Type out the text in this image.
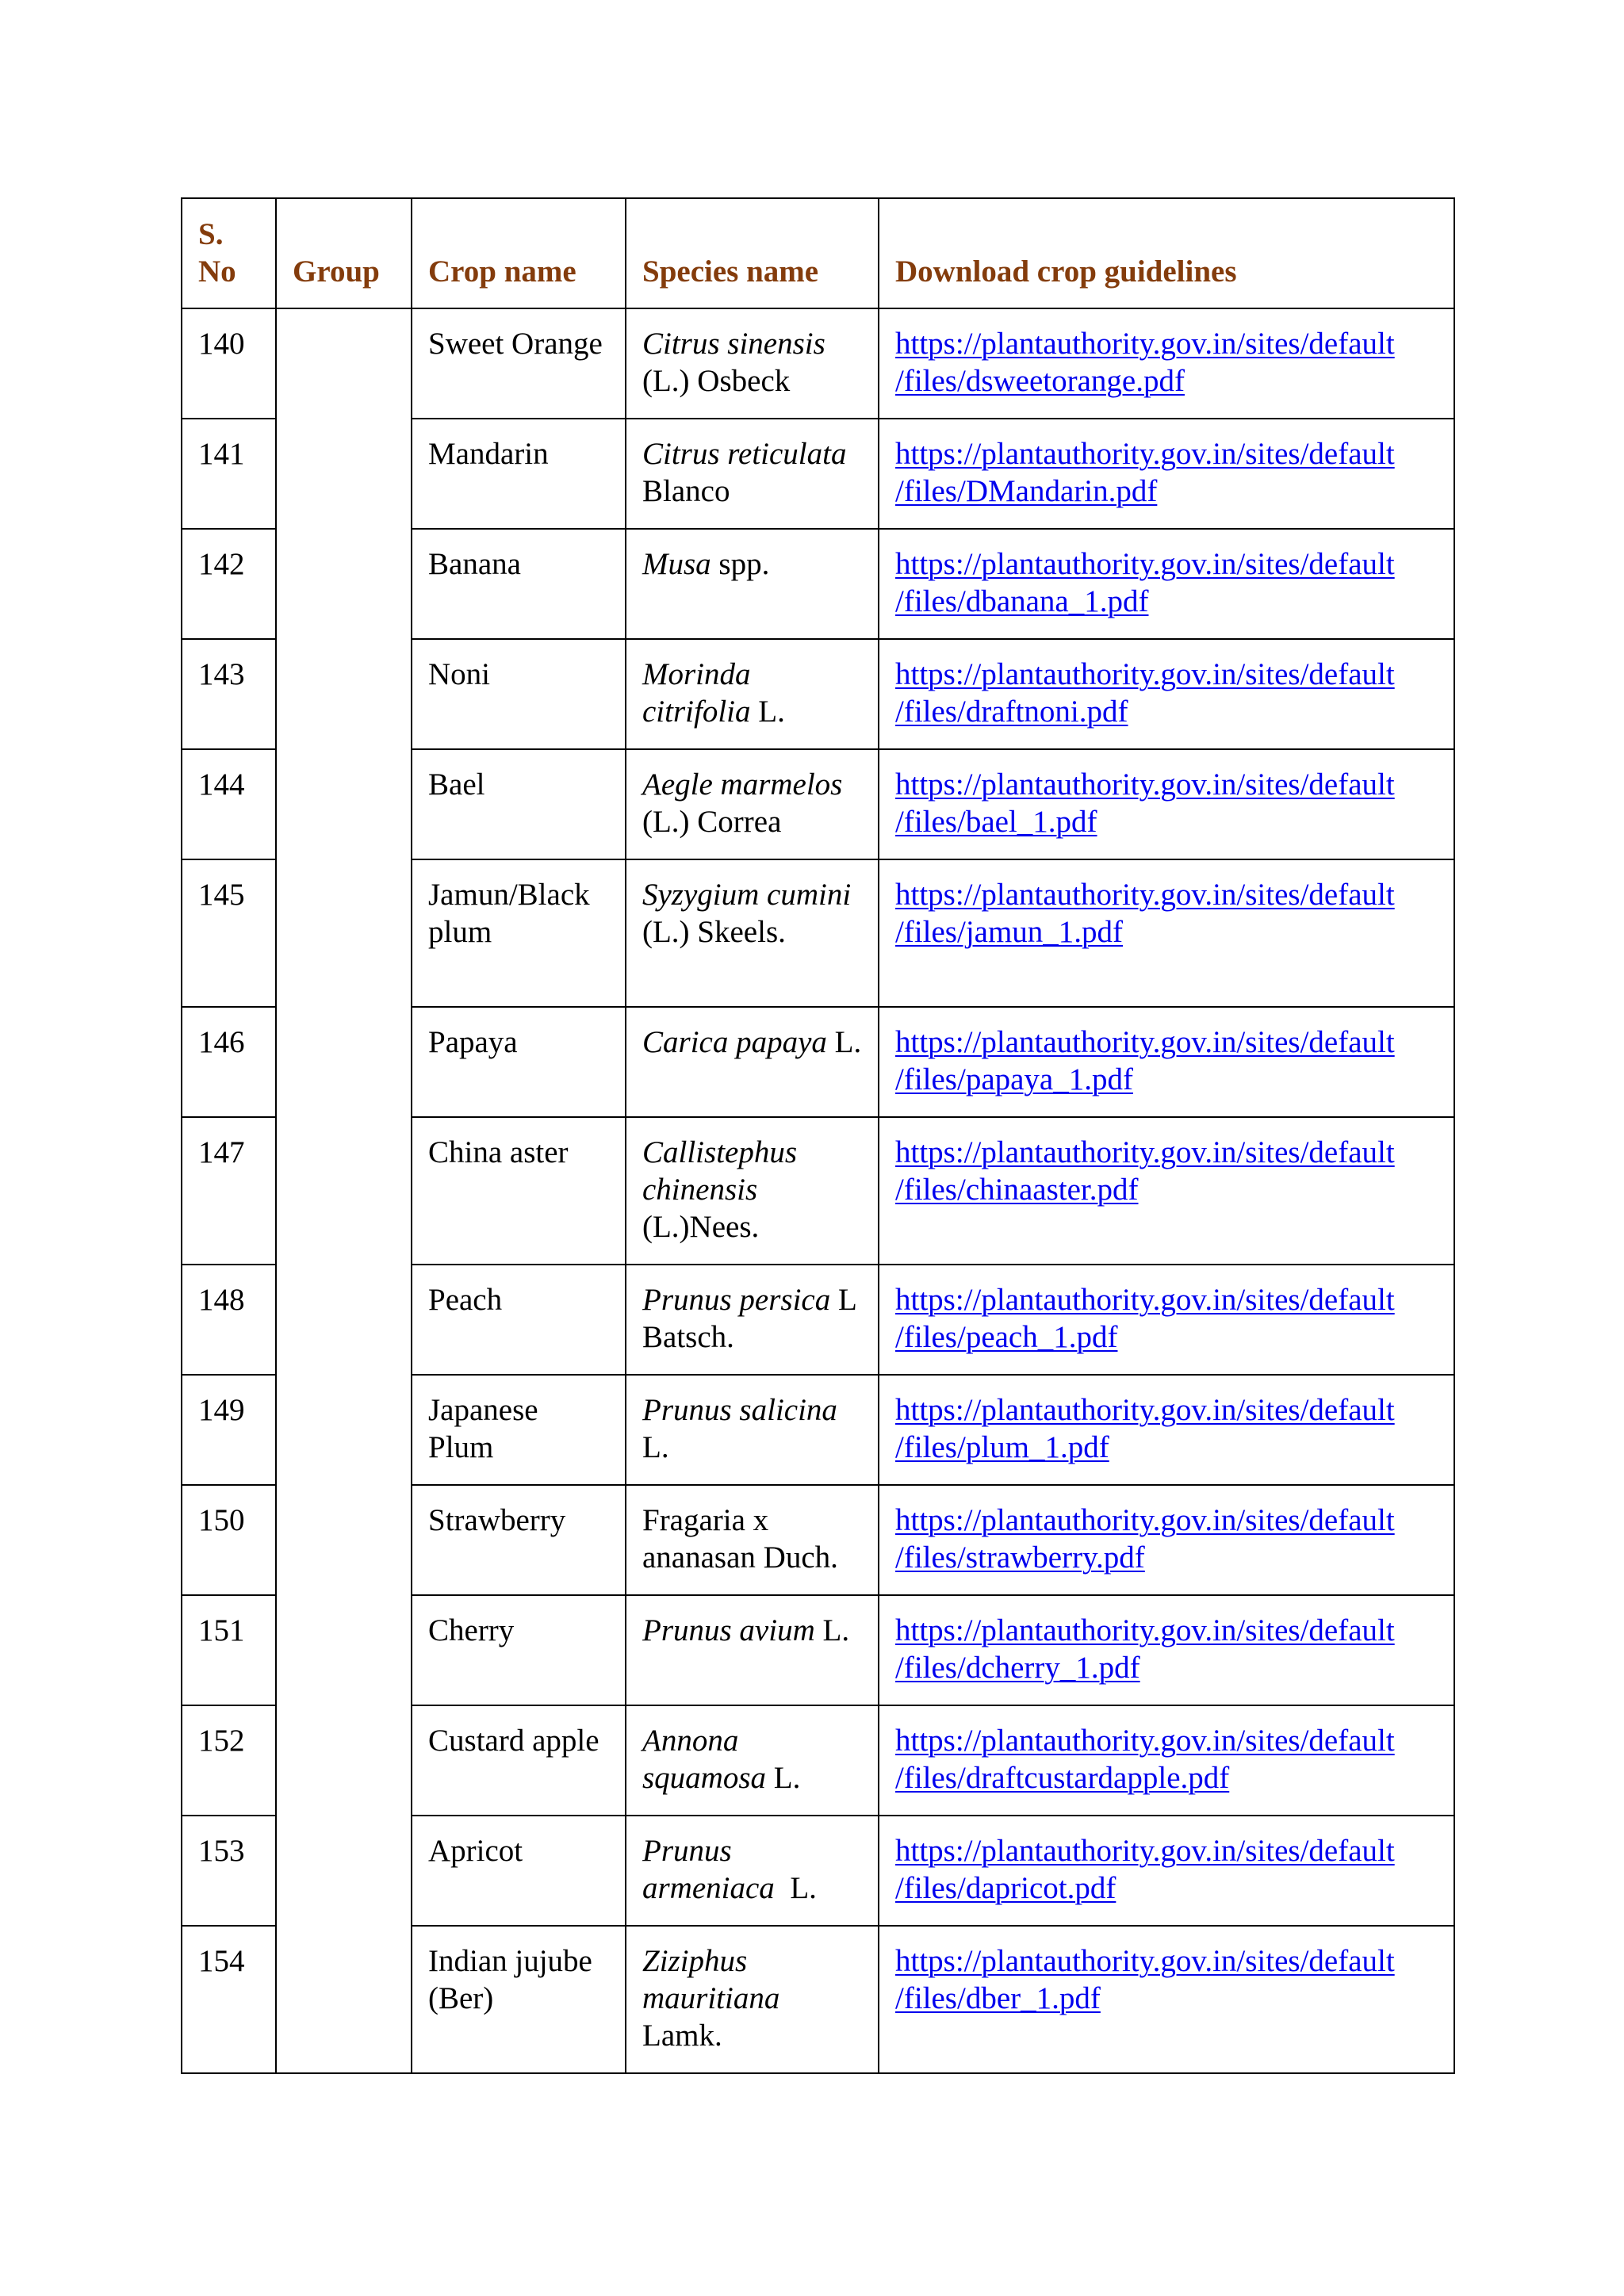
S. No	Group	Crop name	Species name	Download crop guidelines
140		Sweet Orange	Citrus sinensis (L.) Osbeck	https://plantauthority.gov.in/sites/default
/files/dsweetorange.pdf
141		Mandarin	Citrus reticulata Blanco	https://plantauthority.gov.in/sites/default
/files/DMandarin.pdf
142		Banana	Musa spp.	https://plantauthority.gov.in/sites/default
/files/dbanana_1.pdf
143		Noni	Morinda citrifolia L.	https://plantauthority.gov.in/sites/default
/files/draftnoni.pdf
144		Bael	Aegle marmelos (L.) Correa	https://plantauthority.gov.in/sites/default
/files/bael_1.pdf
145		Jamun/Black plum	Syzygium cumini (L.) Skeels.	https://plantauthority.gov.in/sites/default
/files/jamun_1.pdf
146		Papaya	Carica papaya L.	https://plantauthority.gov.in/sites/default
/files/papaya_1.pdf
147		China aster	Callistephus chinensis (L.)Nees.	https://plantauthority.gov.in/sites/default
/files/chinaaster.pdf
148		Peach	Prunus persica L Batsch.	https://plantauthority.gov.in/sites/default
/files/peach_1.pdf
149		Japanese Plum	Prunus salicina L.	https://plantauthority.gov.in/sites/default
/files/plum_1.pdf
150		Strawberry	Fragaria x ananasan Duch.	https://plantauthority.gov.in/sites/default
/files/strawberry.pdf
151		Cherry	Prunus avium L.	https://plantauthority.gov.in/sites/default
/files/dcherry_1.pdf
152		Custard apple	Annona squamosa L.	https://plantauthority.gov.in/sites/default
/files/draftcustardapple.pdf
153		Apricot	Prunus armeniaca  L.	https://plantauthority.gov.in/sites/default
/files/dapricot.pdf
154		Indian jujube (Ber)	Ziziphus mauritiana Lamk.	https://plantauthority.gov.in/sites/default
/files/dber_1.pdf
